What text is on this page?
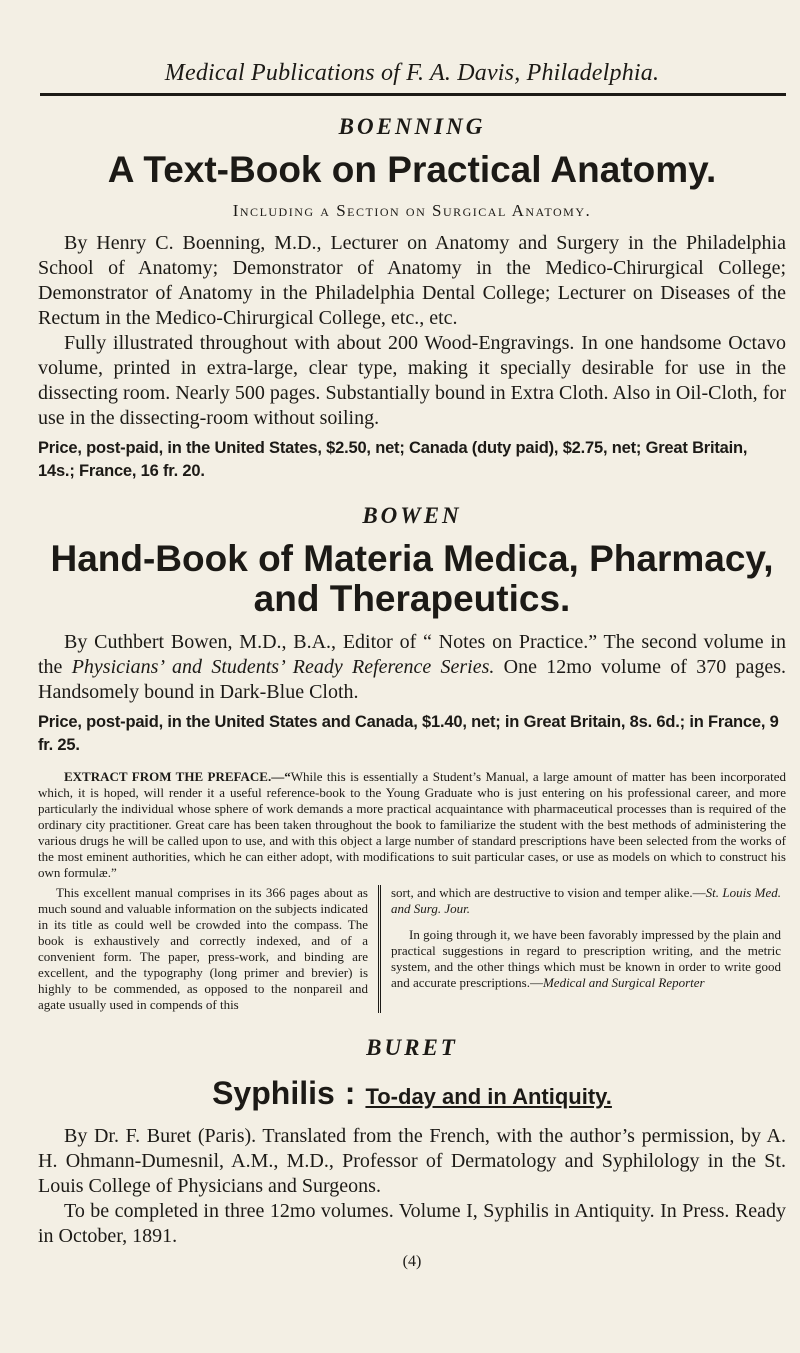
Medical Publications of F. A. Davis, Philadelphia.
BOENNING
A Text-Book on Practical Anatomy.
Including a Section on Surgical Anatomy.

By Henry C. Boenning, M.D., Lecturer on Anatomy and Surgery in the Philadelphia School of Anatomy; Demonstrator of Anatomy in the Medico-Chirurgical College; Demonstrator of Anatomy in the Philadelphia Dental College; Lecturer on Diseases of the Rectum in the Medico-Chirurgical College, etc., etc.

Fully illustrated throughout with about 200 Wood-Engravings. In one handsome Octavo volume, printed in extra-large, clear type, making it specially desirable for use in the dissecting room. Nearly 500 pages. Substantially bound in Extra Cloth. Also in Oil-Cloth, for use in the dissecting-room without soiling.

Price, post-paid, in the United States, $2.50, net; Canada (duty paid), $2.75, net; Great Britain, 14s.; France, 16 fr. 20.
BOWEN
Hand-Book of Materia Medica, Pharmacy,
and Therapeutics.

By Cuthbert Bowen, M.D., B.A., Editor of “ Notes on Practice.” The second volume in the Physicians’ and Students’ Ready Reference Series. One 12mo volume of 370 pages. Handsomely bound in Dark-Blue Cloth.

Price, post-paid, in the United States and Canada, $1.40, net; in Great Britain, 8s. 6d.; in France, 9 fr. 25.

EXTRACT FROM THE PREFACE.—“While this is essentially a Student’s Manual, a large amount of matter has been incorporated which, it is hoped, will render it a useful reference-book to the Young Graduate who is just entering on his professional career, and more particularly the individual whose sphere of work demands a more practical acquaintance with pharmaceutical processes than is required of the ordinary city practitioner. Great care has been taken throughout the book to familiarize the student with the best methods of administering the various drugs he will be called upon to use, and with this object a large number of standard prescriptions have been selected from the works of the most eminent authorities, which he can either adopt, with modifications to suit particular cases, or use as models on which to construct his own formulæ.”

This excellent manual comprises in its 366 pages about as much sound and valuable information on the subjects indicated in its title as could well be crowded into the compass. The book is exhaustively and correctly indexed, and of a convenient form. The paper, press-work, and binding are excellent, and the typography (long primer and brevier) is highly to be commended, as opposed to the nonpareil and agate usually used in compends of this
sort, and which are destructive to vision and temper alike.—St. Louis Med. and Surg. Jour.
In going through it, we have been favorably impressed by the plain and practical suggestions in regard to prescription writing, and the metric system, and the other things which must be known in order to write good and accurate prescriptions.—Medical and Surgical Reporter
BURET
Syphilis : To-day and in Antiquity.

By Dr. F. Buret (Paris). Translated from the French, with the author’s permission, by A. H. Ohmann-Dumesnil, A.M., M.D., Professor of Dermatology and Syphilology in the St. Louis College of Physicians and Surgeons.

To be completed in three 12mo volumes. Volume I, Syphilis in Antiquity. In Press. Ready in October, 1891.

(4)
